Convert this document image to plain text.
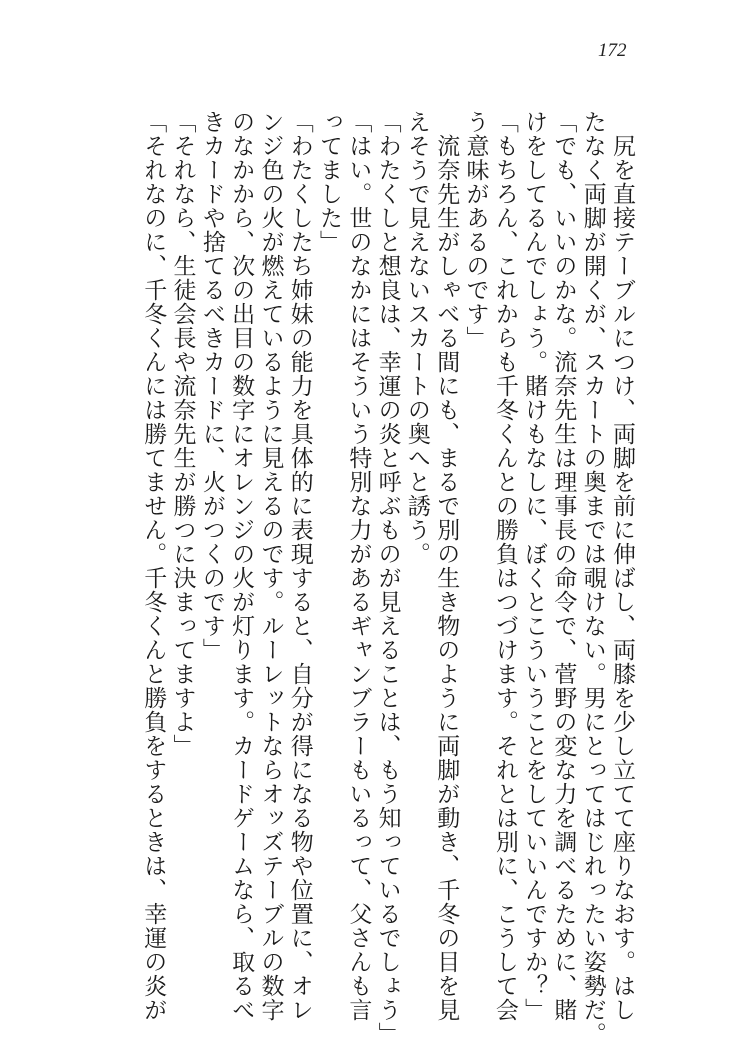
172
　尻を直接テーブルにつけ、両脚を前に伸ばし、両膝を少し立てて座りなおす。はし
たなく両脚が開くが、スカートの奥までは覗けない。男にとってはじれったい姿勢だ。
「でも、いいのかな。流奈先生は理事長の命令で、菅野の変な力を調べるために、賭
けをしてるんでしょう。賭けもなしに、ぼくとこういうことをしていいんですか？」
「もちろん、これからも千冬くんとの勝負はつづけます。それとは別に、こうして会
う意味があるのです」
　流奈先生がしゃべる間にも、まるで別の生き物のように両脚が動き、千冬の目を見
えそうで見えないスカートの奥へと誘う。
「わたくしと想良は、幸運の炎と呼ぶものが見えることは、もう知っているでしょう」
「はい。世のなかにはそういう特別な力があるギャンブラーもいるって、父さんも言
ってました」
「わたくしたち姉妹の能力を具体的に表現すると、自分が得になる物や位置に、オレ
ンジ色の火が燃えているように見えるのです。ルーレットならオッズテーブルの数字
のなかから、次の出目の数字にオレンジの火が灯ります。カードゲームなら、取るべ
きカードや捨てるべきカードに、火がつくのです」
「それなら、生徒会長や流奈先生が勝つに決まってますよ」
「それなのに、千冬くんには勝てません。千冬くんと勝負をするときは、幸運の炎が
